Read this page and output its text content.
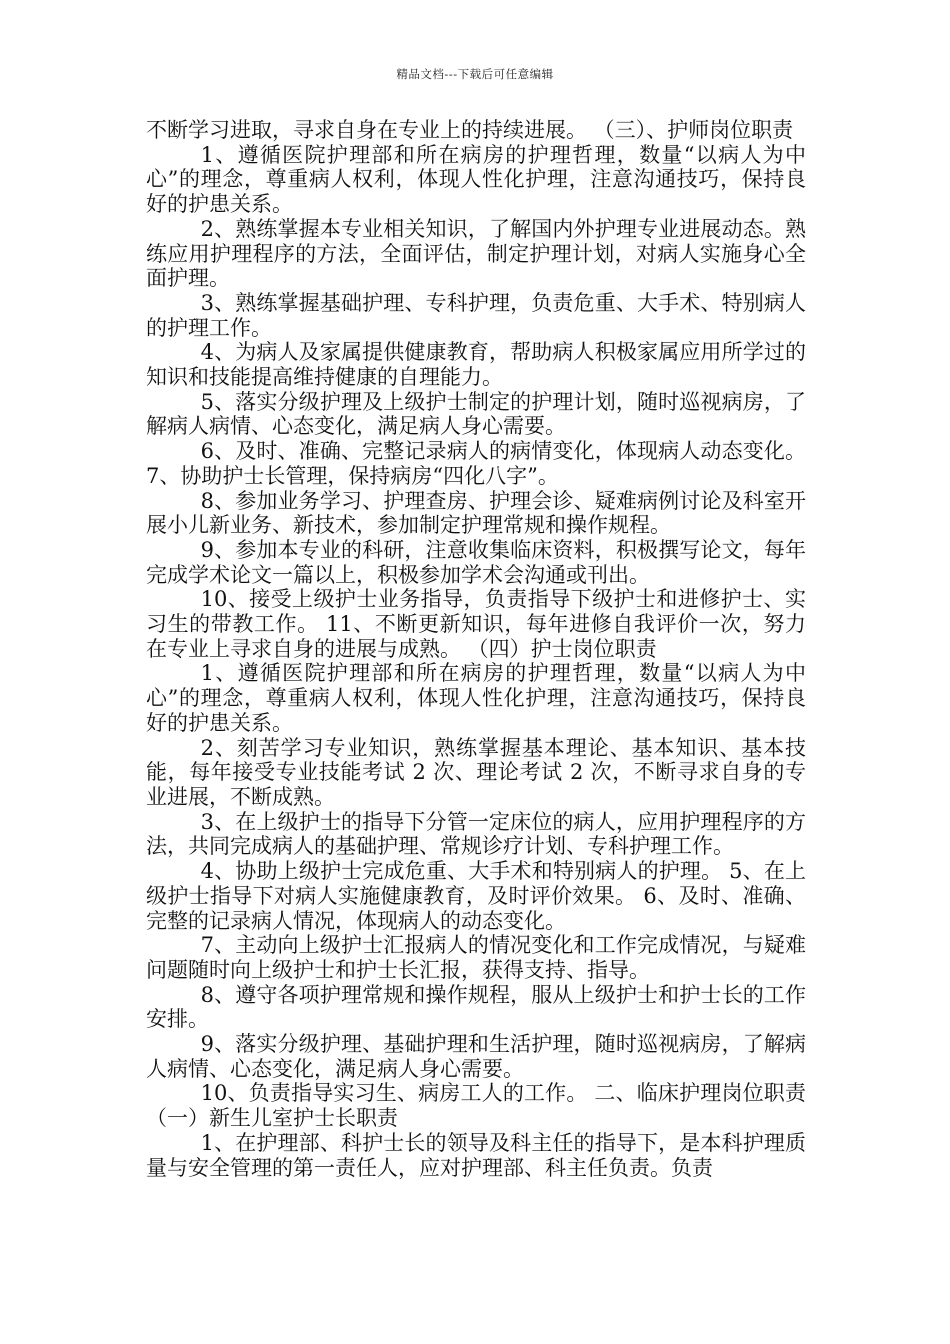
精品文档---下载后可任意编辑

不断学习进取，寻求自身在专业上的持续进展。 （三）、护师岗位职责

1、遵循医院护理部和所在病房的护理哲理，数量“以病人为中心”的理念，尊重病人权利，体现人性化护理，注意沟通技巧，保持良好的护患关系。

2、熟练掌握本专业相关知识，了解国内外护理专业进展动态。熟练应用护理程序的方法，全面评估，制定护理计划，对病人实施身心全面护理。

3、熟练掌握基础护理、专科护理，负责危重、大手术、特别病人的护理工作。

4、为病人及家属提供健康教育，帮助病人积极家属应用所学过的知识和技能提高维持健康的自理能力。

5、落实分级护理及上级护士制定的护理计划，随时巡视病房，了解病人病情、心态变化，满足病人身心需要。

6、及时、准确、完整记录病人的病情变化，体现病人动态变化。 7、协助护士长管理，保持病房“四化八字”。

8、参加业务学习、护理查房、护理会诊、疑难病例讨论及科室开展小儿新业务、新技术，参加制定护理常规和操作规程。

9、参加本专业的科研，注意收集临床资料，积极撰写论文，每年完成学术论文一篇以上，积极参加学术会沟通或刊出。

10、接受上级护士业务指导，负责指导下级护士和进修护士、实习生的带教工作。 11、不断更新知识，每年进修自我评价一次，努力在专业上寻求自身的进展与成熟。 （四）护士岗位职责

1、遵循医院护理部和所在病房的护理哲理，数量“以病人为中心”的理念，尊重病人权利，体现人性化护理，注意沟通技巧，保持良好的护患关系。

2、刻苦学习专业知识，熟练掌握基本理论、基本知识、基本技能，每年接受专业技能考试 2 次、理论考试 2 次，不断寻求自身的专业进展，不断成熟。

3、在上级护士的指导下分管一定床位的病人，应用护理程序的方法，共同完成病人的基础护理、常规诊疗计划、专科护理工作。

4、协助上级护士完成危重、大手术和特别病人的护理。 5、在上级护士指导下对病人实施健康教育，及时评价效果。 6、及时、准确、完整的记录病人情况，体现病人的动态变化。

7、主动向上级护士汇报病人的情况变化和工作完成情况，与疑难问题随时向上级护士和护士长汇报，获得支持、指导。

8、遵守各项护理常规和操作规程，服从上级护士和护士长的工作安排。

9、落实分级护理、基础护理和生活护理，随时巡视病房，了解病人病情、心态变化，满足病人身心需要。

10、负责指导实习生、病房工人的工作。 二、临床护理岗位职责 （一）新生儿室护士长职责

1、在护理部、科护士长的领导及科主任的指导下，是本科护理质量与安全管理的第一责任人，应对护理部、科主任负责。负责
